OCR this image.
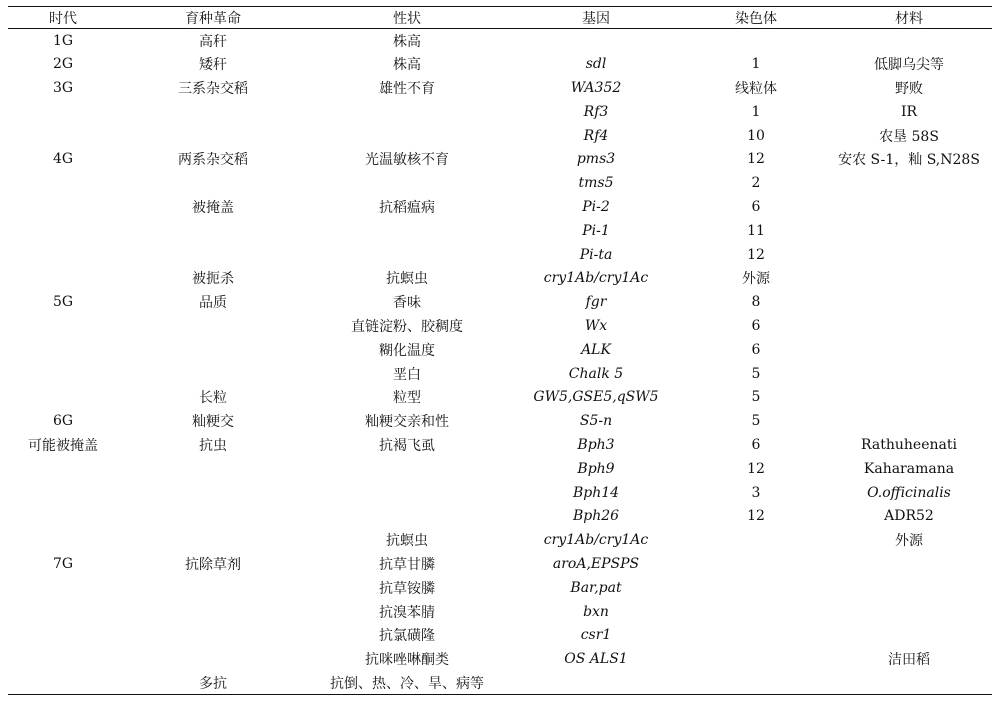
时代	育种革命	性状	基因	染色体	材料
1G	高秆	株高			
2G	矮秆	株高	sdl	1	低脚乌尖等
3G	三系杂交稻	雄性不育	WA352	线粒体	野败
			Rf3	1	IR
			Rf4	10	农垦 58S
4G	两系杂交稻	光温敏核不育	pms3	12	安农 S-1，籼 S,N28S
			tms5	2	
	被掩盖	抗稻瘟病	Pi-2	6	
			Pi-1	11	
			Pi-ta	12	
	被扼杀	抗螟虫	cry1Ab/cry1Ac	外源	
5G	品质	香味	fgr	8	
		直链淀粉、胶稠度	Wx	6	
		糊化温度	ALK	6	
		垩白	Chalk 5	5	
	长粒	粒型	GW5,GSE5,qSW5	5	
6G	籼粳交	籼粳交亲和性	S5-n	5	
可能被掩盖	抗虫	抗褐飞虱	Bph3	6	Rathuheenati
			Bph9	12	Kaharamana
			Bph14	3	O.officinalis
			Bph26	12	ADR52
		抗螟虫	cry1Ab/cry1Ac		外源
7G	抗除草剂	抗草甘膦	aroA,EPSPS		
		抗草铵膦	Bar,pat		
		抗溴苯腈	bxn		
		抗氯磺隆	csr1		
		抗咪唑啉酮类	OS ALS1		洁田稻
	多抗	抗倒、热、冷、旱、病等			
